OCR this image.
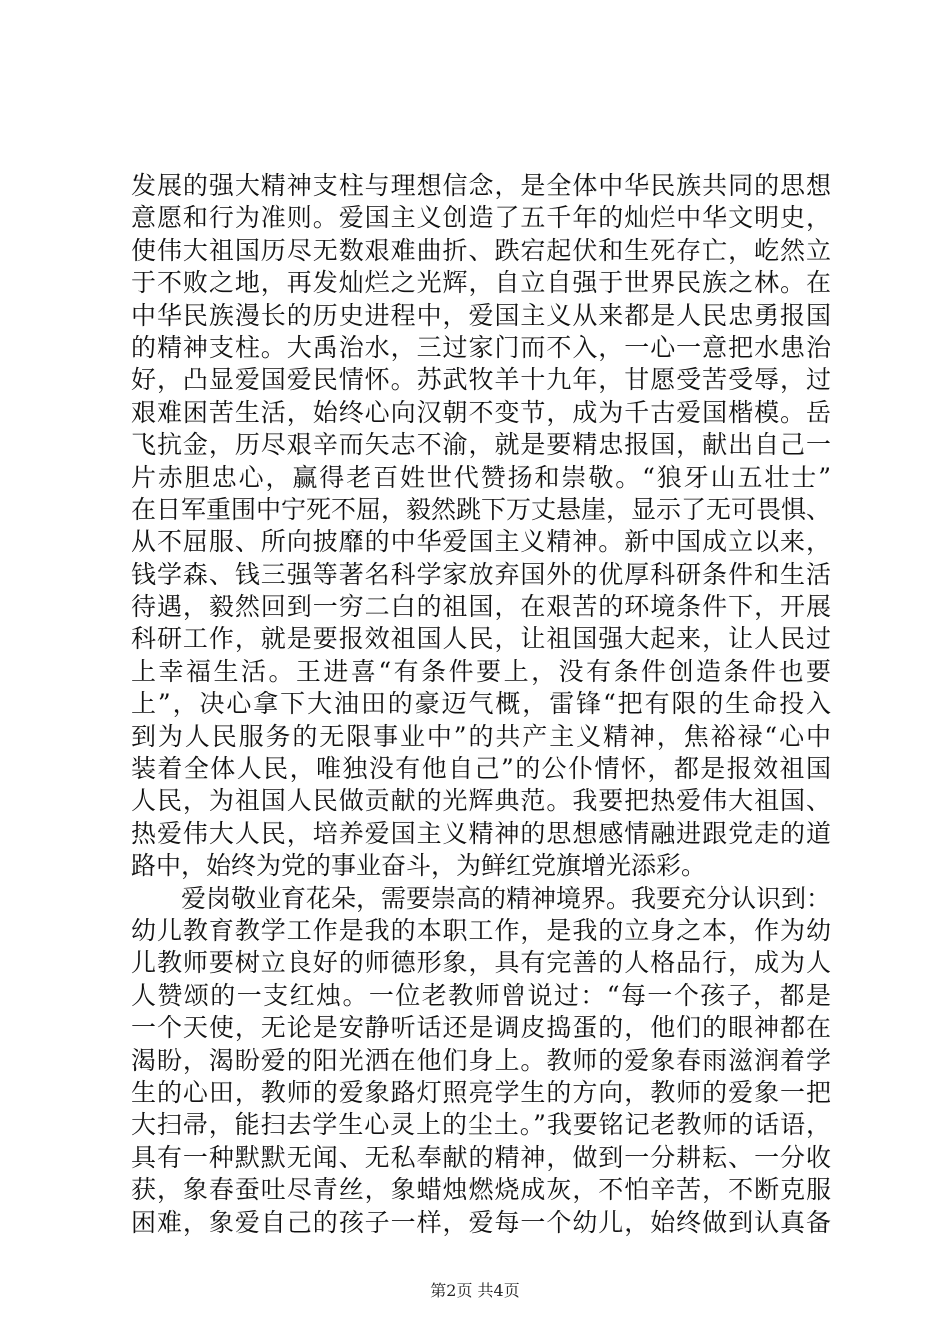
发展的强大精神支柱与理想信念，是全体中华民族共同的思想
意愿和行为准则。爱国主义创造了五千年的灿烂中华文明史，
使伟大祖国历尽无数艰难曲折、跌宕起伏和生死存亡，屹然立
于不败之地，再发灿烂之光辉，自立自强于世界民族之林。在
中华民族漫长的历史进程中，爱国主义从来都是人民忠勇报国
的精神支柱。大禹治水，三过家门而不入，一心一意把水患治
好，凸显爱国爱民情怀。苏武牧羊十九年，甘愿受苦受辱，过
艰难困苦生活，始终心向汉朝不变节，成为千古爱国楷模。岳
飞抗金，历尽艰辛而矢志不渝，就是要精忠报国，献出自己一
片赤胆忠心，赢得老百姓世代赞扬和崇敬。“狼牙山五壮士”
在日军重围中宁死不屈，毅然跳下万丈悬崖，显示了无可畏惧、
从不屈服、所向披靡的中华爱国主义精神。新中国成立以来，
钱学森、钱三强等著名科学家放弃国外的优厚科研条件和生活
待遇，毅然回到一穷二白的祖国，在艰苦的环境条件下，开展
科研工作，就是要报效祖国人民，让祖国强大起来，让人民过
上幸福生活。王进喜“有条件要上，没有条件创造条件也要
上”，决心拿下大油田的豪迈气概，雷锋“把有限的生命投入
到为人民服务的无限事业中”的共产主义精神，焦裕禄“心中
装着全体人民，唯独没有他自己”的公仆情怀，都是报效祖国
人民，为祖国人民做贡献的光辉典范。我要把热爱伟大祖国、
热爱伟大人民，培养爱国主义精神的思想感情融进跟党走的道
路中，始终为党的事业奋斗，为鲜红党旗增光添彩。
爱岗敬业育花朵，需要崇高的精神境界。我要充分认识到：
幼儿教育教学工作是我的本职工作，是我的立身之本，作为幼
儿教师要树立良好的师德形象，具有完善的人格品行，成为人
人赞颂的一支红烛。一位老教师曾说过：“每一个孩子，都是
一个天使，无论是安静听话还是调皮捣蛋的，他们的眼神都在
渴盼，渴盼爱的阳光洒在他们身上。教师的爱象春雨滋润着学
生的心田，教师的爱象路灯照亮学生的方向，教师的爱象一把
大扫帚，能扫去学生心灵上的尘土。”我要铭记老教师的话语，
具有一种默默无闻、无私奉献的精神，做到一分耕耘、一分收
获，象春蚕吐尽青丝，象蜡烛燃烧成灰，不怕辛苦，不断克服
困难，象爱自己的孩子一样，爱每一个幼儿，始终做到认真备
第2页 共4页
